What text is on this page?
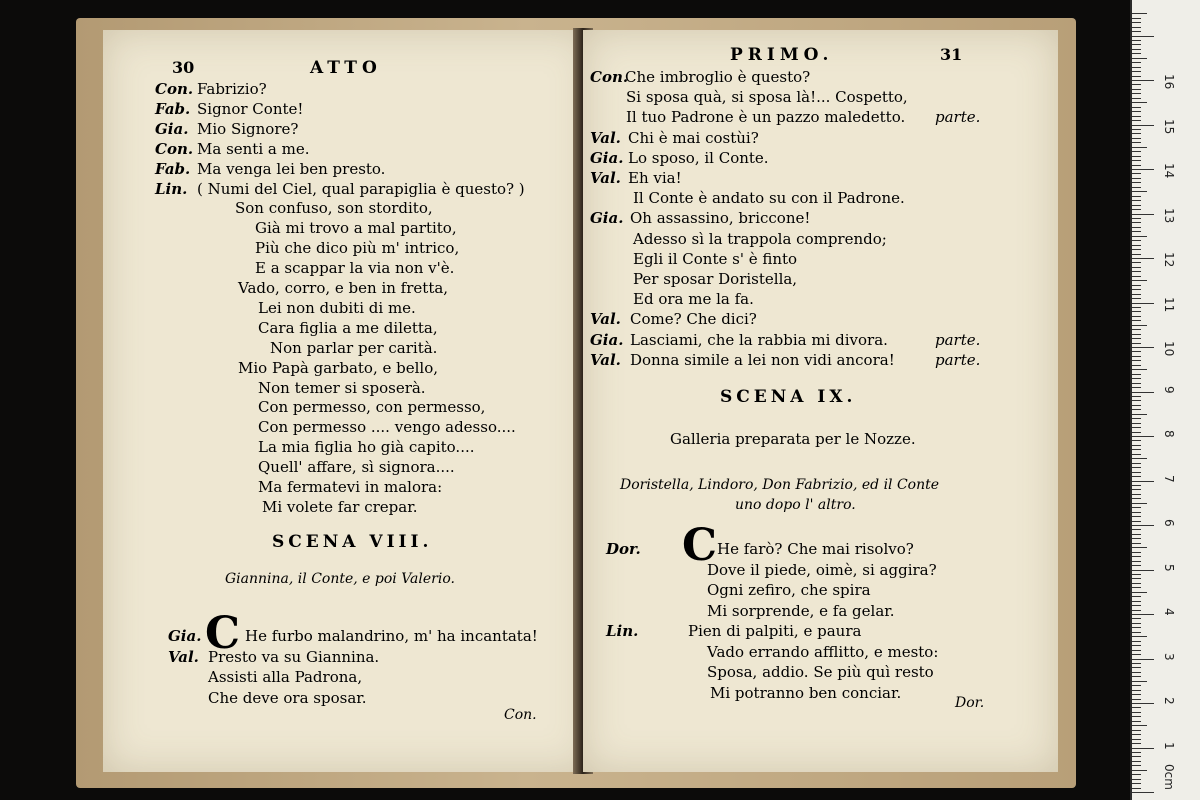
30	ATTO
SCENA VIII.
Giannina, il Conte, e poi Valerio.
C
Con.
PRIMO.	31
SCENA IX.
Galleria preparata per le Nozze.
Doristella, Lindoro, Don Fabrizio, ed il Conte
uno dopo l' altro.
C
Dor.
Con. Fabrizio?
Fab. Signor Conte!
Gia. Mio Signore?
Con. Ma senti a me.
Fab. Ma venga lei ben presto.
Lin. ( Numi del Ciel, qual parapiglia è questo? )
Son confuso, son stordito,
Già mi trovo a mal partito,
Più che dico più m' intrico,
E a scappar la via non v'è.
Vado, corro, e ben in fretta,
Lei non dubiti di me.
Cara figlia a me diletta,
Non parlar per carità.
Mio Papà garbato, e bello,
Non temer si sposerà.
Con permesso, con permesso,
Con permesso .... vengo adesso....
La mia figlia ho già capito....
Quell' affare, sì signora....
Ma fermatevi in malora:
Mi volete far crepar.
Gia.	He furbo malandrino, m' ha incantata!
Val. Presto va su Giannina.
Assisti alla Padrona,
Che deve ora sposar.
Con.
Che imbroglio è questo?
Si sposa quà, si sposa là!... Cospetto,
Il tuo Padrone è un pazzo maledetto. parte.
Val. Chi è mai costùi?
Gia. Lo sposo, il Conte.
Val. Eh via!
Il Conte è andato su con il Padrone.
Gia. Oh assassino, briccone!
Adesso sì la trappola comprendo;
Egli il Conte s' è finto
Per sposar Doristella,
Ed ora me la fa.
Val. Come? Che dici?
Gia. Lasciami, che la rabbia mi divora.	parte.
Val. Donna simile a lei non vidi ancora!	parte.
Dor.	He farò? Che mai risolvo?
Dove il piede, oimè, si aggira?
Ogni zefiro, che spira
Mi sorprende, e fa gelar.
Lin.	Pien di palpiti, e paura
Vado errando afflitto, e mesto:
Sposa, addio. Se più quì resto
Mi potranno ben conciar.
0cm
1
2
3
4
5
6
7
8
9
10
11
12
13
14
15
16
